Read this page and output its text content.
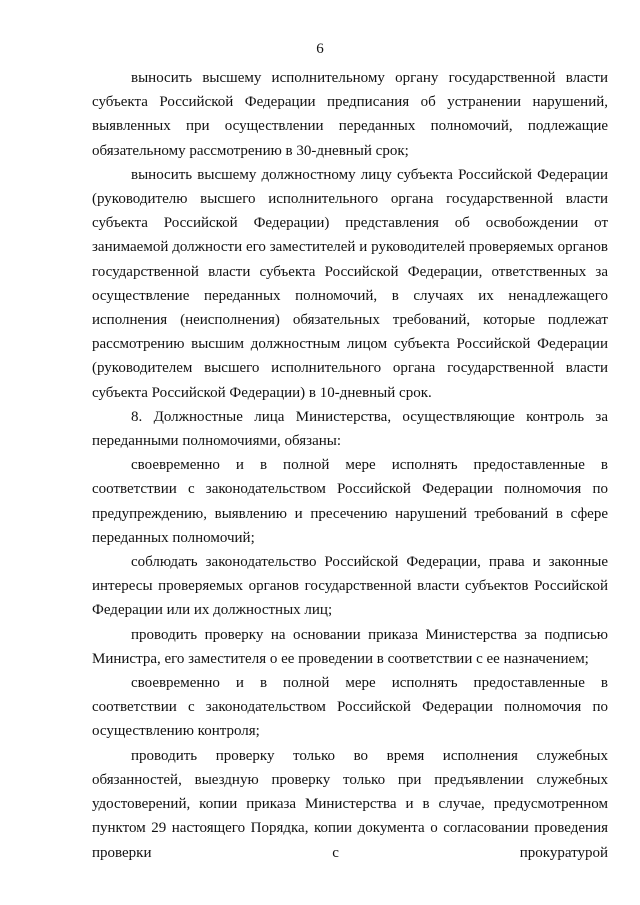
6

выносить высшему исполнительному органу государственной власти субъекта Российской Федерации предписания об устранении нарушений, выявленных при осуществлении переданных полномочий, подлежащие обязательному рассмотрению в 30-дневный срок;

выносить высшему должностному лицу субъекта Российской Федерации (руководителю высшего исполнительного органа государственной власти субъекта Российской Федерации) представления об освобождении от занимаемой должности его заместителей и руководителей проверяемых органов государственной власти субъекта Российской Федерации, ответственных за осуществление переданных полномочий, в случаях их ненадлежащего исполнения (неисполнения) обязательных требований, которые подлежат рассмотрению высшим должностным лицом субъекта Российской Федерации (руководителем высшего исполнительного органа государственной власти субъекта Российской Федерации) в 10-дневный срок.

8. Должностные лица Министерства, осуществляющие контроль за переданными полномочиями, обязаны:

своевременно и в полной мере исполнять предоставленные в соответствии с законодательством Российской Федерации полномочия по предупреждению, выявлению и пресечению нарушений требований в сфере переданных полномочий;

соблюдать законодательство Российской Федерации, права и законные интересы проверяемых органов государственной власти субъектов Российской Федерации или их должностных лиц;

проводить проверку на основании приказа Министерства за подписью Министра, его заместителя о ее проведении в соответствии с ее назначением;

своевременно и в полной мере исполнять предоставленные в соответствии с законодательством Российской Федерации полномочия по осуществлению контроля;

проводить проверку только во время исполнения служебных обязанностей, выездную проверку только при предъявлении служебных удостоверений, копии приказа Министерства и в случае, предусмотренном пунктом 29 настоящего Порядка, копии документа о согласовании проведения проверки с прокуратурой
